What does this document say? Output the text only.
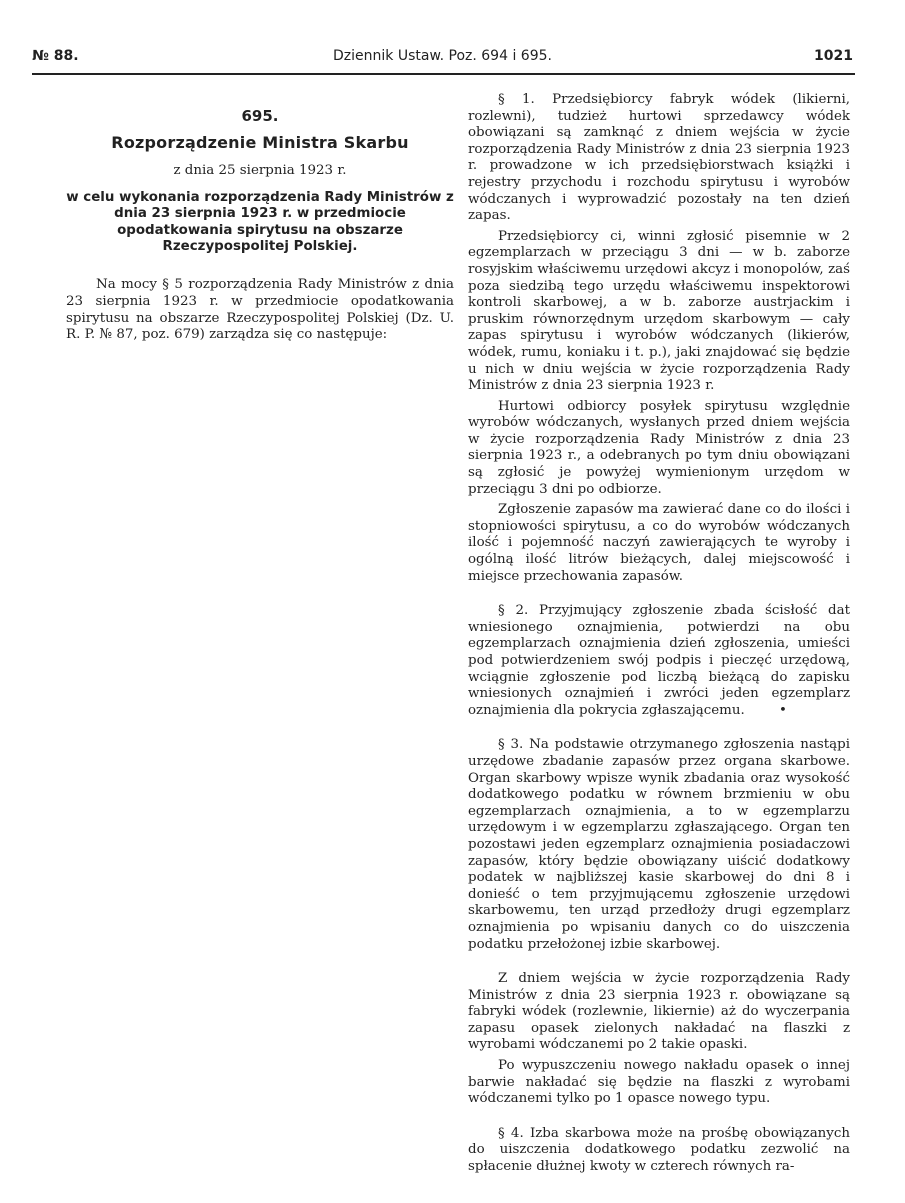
№ 88.	Dziennik Ustaw. Poz. 694 i 695.	1021
695.
Rozporządzenie Ministra Skarbu
z dnia 25 sierpnia 1923 r.
w celu wykonania rozporządzenia Rady Ministrów z dnia 23 sierpnia 1923 r. w przedmiocie opodatkowania spirytusu na obszarze Rzeczypospolitej Polskiej.

Na mocy § 5 rozporządzenia Rady Ministrów z dnia 23 sierpnia 1923 r. w przedmiocie opodatkowania spirytusu na obszarze Rzeczypospolitej Polskiej (Dz. U. R. P. № 87, poz. 679) zarządza się co następuje:

§ 1. Przedsiębiorcy fabryk wódek (likierni, rozlewni), tudzież hurtowi sprzedawcy wódek obowiązani są zamknąć z dniem wejścia w życie rozporządzenia Rady Ministrów z dnia 23 sierpnia 1923 r. prowadzone w ich przedsiębiorstwach książki i rejestry przychodu i rozchodu spirytusu i wyrobów wódczanych i wyprowadzić pozostały na ten dzień zapas.

Przedsiębiorcy ci, winni zgłosić pisemnie w 2 egzemplarzach w przeciągu 3 dni — w b. zaborze rosyjskim właściwemu urzędowi akcyz i monopolów, zaś poza siedzibą tego urzędu właściwemu inspektorowi kontroli skarbowej, a w b. zaborze austrjackim i pruskim równorzędnym urzędom skarbowym — cały zapas spirytusu i wyrobów wódczanych (likierów, wódek, rumu, koniaku i t. p.), jaki znajdować się będzie u nich w dniu wejścia w życie rozporządzenia Rady Ministrów z dnia 23 sierpnia 1923 r.

Hurtowi odbiorcy posyłek spirytusu względnie wyrobów wódczanych, wysłanych przed dniem wejścia w życie rozporządzenia Rady Ministrów z dnia 23 sierpnia 1923 r., a odebranych po tym dniu obowiązani są zgłosić je powyżej wymienionym urzędom w przeciągu 3 dni po odbiorze.

Zgłoszenie zapasów ma zawierać dane co do ilości i stopniowości spirytusu, a co do wyrobów wódczanych ilość i pojemność naczyń zawierających te wyroby i ogólną ilość litrów bieżących, dalej miejscowość i miejsce przechowania zapasów.

§ 2. Przyjmujący zgłoszenie zbada ścisłość dat wniesionego oznajmienia, potwierdzi na obu egzemplarzach oznajmienia dzień zgłoszenia, umieści pod potwierdzeniem swój podpis i pieczęć urzędową, wciągnie zgłoszenie pod liczbą bieżącą do zapisku wniesionych oznajmień i zwróci jeden egzemplarz oznajmienia dla pokrycia zgłaszającemu.	•

§ 3. Na podstawie otrzymanego zgłoszenia nastąpi urzędowe zbadanie zapasów przez organa skarbowe. Organ skarbowy wpisze wynik zbadania oraz wysokość dodatkowego podatku w równem brzmieniu w obu egzemplarzach oznajmienia, a to w egzemplarzu urzędowym i w egzemplarzu zgłaszającego. Organ ten pozostawi jeden egzemplarz oznajmienia posiadaczowi zapasów, który będzie obowiązany uiścić dodatkowy podatek w najbliższej kasie skarbowej do dni 8 i donieść o tem przyjmującemu zgłoszenie urzędowi skarbowemu, ten urząd przedłoży drugi egzemplarz oznajmienia po wpisaniu danych co do uiszczenia podatku przełożonej izbie skarbowej.

Z dniem wejścia w życie rozporządzenia Rady Ministrów z dnia 23 sierpnia 1923 r. obowiązane są fabryki wódek (rozlewnie, likiernie) aż do wyczerpania zapasu opasek zielonych nakładać na flaszki z wyrobami wódczanemi po 2 takie opaski.

Po wypuszczeniu nowego nakładu opasek o innej barwie nakładać się będzie na flaszki z wyrobami wódczanemi tylko po 1 opasce nowego typu.

§ 4. Izba skarbowa może na prośbę obowiązanych do uiszczenia dodatkowego podatku zezwolić na spłacenie dłużnej kwoty w czterech równych ra-
